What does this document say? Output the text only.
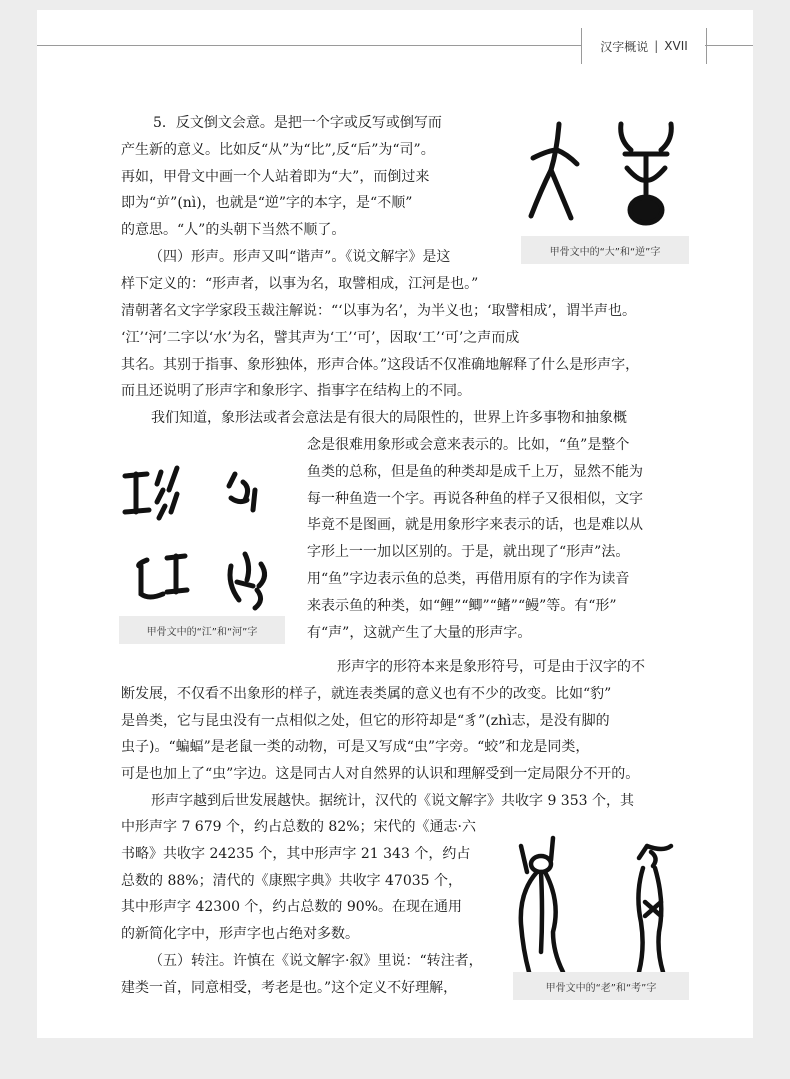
汉字概说 | XVII
5．反文倒文会意。是把一个字或反写或倒写而
产生新的意义。比如反“从”为“比”,反“后”为“司”。
再如，甲骨文中画一个人站着即为“大”，而倒过来
即为“屰”(nì)，也就是“逆”字的本字，是“不顺”
的意思。“人”的头朝下当然不顺了。
（四）形声。形声又叫“谐声”。《说文解字》是这
样下定义的：“形声者，以事为名，取譬相成，江河是也。”
甲骨文中的“大”和“逆”字
清朝著名文字学家段玉裁注解说：“‘以事为名’，为半义也；‘取譬相成’，谓半声也。
‘江’‘河’二字以‘水’为名，譬其声为‘工’‘可’，因取‘工’‘可’之声而成
其名。其别于指事、象形独体，形声合体。”这段话不仅准确地解释了什么是形声字，
而且还说明了形声字和象形字、指事字在结构上的不同。
我们知道，象形法或者会意法是有很大的局限性的，世界上许多事物和抽象概
甲骨文中的“江”和“河”字
念是很难用象形或会意来表示的。比如，“鱼”是整个
鱼类的总称，但是鱼的种类却是成千上万，显然不能为
每一种鱼造一个字。再说各种鱼的样子又很相似，文字
毕竟不是图画，就是用象形字来表示的话，也是难以从
字形上一一加以区别的。于是，就出现了“形声”法。
用“鱼”字边表示鱼的总类，再借用原有的字作为读音
来表示鱼的种类，如“鲤”“鲫”“鳍”“鳗”等。有“形”
有“声”，这就产生了大量的形声字。
形声字的形符本来是象形符号，可是由于汉字的不
断发展，不仅看不出象形的样子，就连表类属的意义也有不少的改变。比如“豹”
是兽类，它与昆虫没有一点相似之处，但它的形符却是“豸”(zhì志，是没有脚的
虫子)。“蝙蝠”是老鼠一类的动物，可是又写成“虫”字旁。“蛟”和龙是同类，
可是也加上了“虫”字边。这是同古人对自然界的认识和理解受到一定局限分不开的。
形声字越到后世发展越快。据统计，汉代的《说文解字》共收字 9 353 个，其
中形声字 7 679 个，约占总数的 82%；宋代的《通志·六
书略》共收字 24235 个，其中形声字 21 343 个，约占
总数的 88%；清代的《康熙字典》共收字 47035 个，
其中形声字 42300 个，约占总数的 90%。在现在通用
的新简化字中，形声字也占绝对多数。
（五）转注。许慎在《说文解字·叙》里说：“转注者，
建类一首，同意相受，考老是也。”这个定义不好理解，	甲骨文中的“老”和“考”字
